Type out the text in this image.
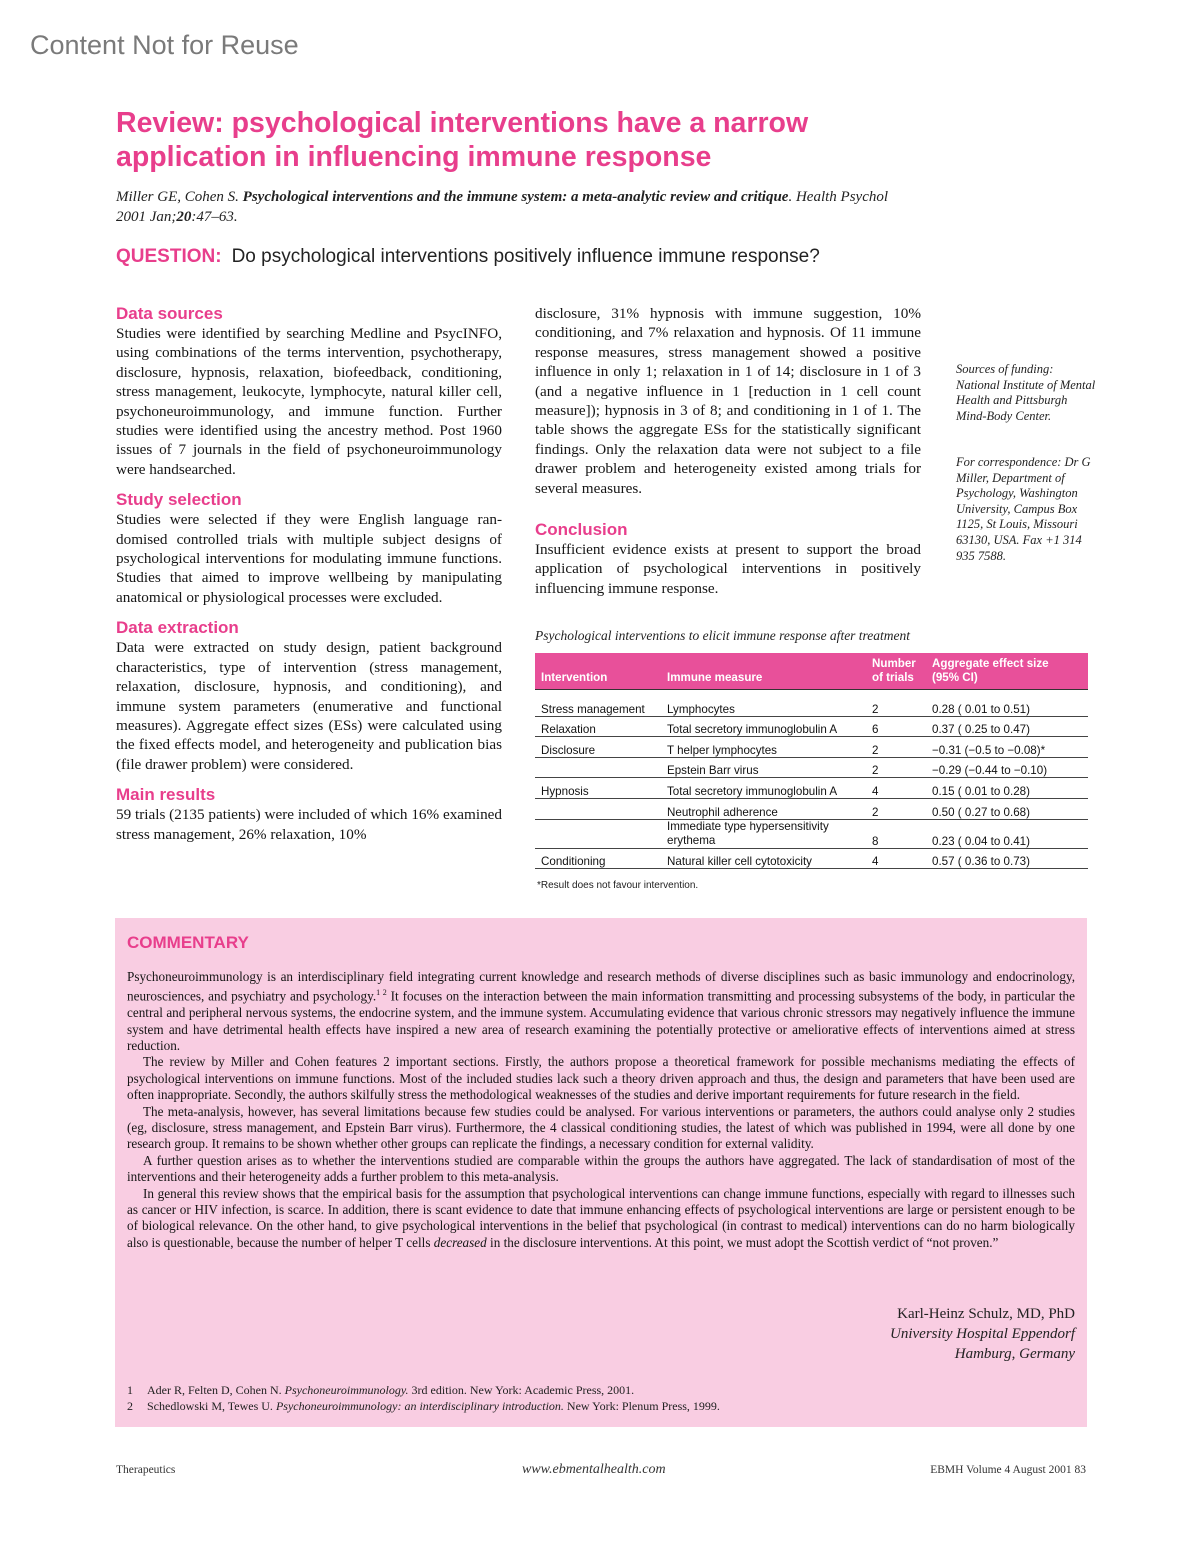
Content Not for Reuse
Review: psychological interventions have a narrow application in influencing immune response
Miller GE, Cohen S. Psychological interventions and the immune system: a meta-analytic review and critique. Health Psychol 2001 Jan;20:47–63.
QUESTION: Do psychological interventions positively influence immune response?
Data sources
Studies were identified by searching Medline and PsycINFO, using combinations of the terms intervention, psychotherapy, disclosure, hypnosis, relaxation, biofeedback, conditioning, stress management, leukocyte, lymphocyte, natural killer cell, psychoneuroimmunology, and immune function. Further studies were identified using the ancestry method. Post 1960 issues of 7 journals in the field of psychoneuroimmunology were handsearched.
Study selection
Studies were selected if they were English language randomised controlled trials with multiple subject designs of psychological interventions for modulating immune functions. Studies that aimed to improve wellbeing by manipulating anatomical or physiological processes were excluded.
Data extraction
Data were extracted on study design, patient background characteristics, type of intervention (stress management, relaxation, disclosure, hypnosis, and conditioning), and immune system parameters (enumerative and functional measures). Aggregate effect sizes (ESs) were calculated using the fixed effects model, and heterogeneity and publication bias (file drawer problem) were considered.
Main results
59 trials (2135 patients) were included of which 16% examined stress management, 26% relaxation, 10%
disclosure, 31% hypnosis with immune suggestion, 10% conditioning, and 7% relaxation and hypnosis. Of 11 immune response measures, stress management showed a positive influence in only 1; relaxation in 1 of 14; disclosure in 1 of 3 (and a negative influence in 1 [reduction in 1 cell count measure]); hypnosis in 3 of 8; and conditioning in 1 of 1. The table shows the aggregate ESs for the statistically significant findings. Only the relaxation data were not subject to a file drawer problem and heterogeneity existed among trials for several measures.
Conclusion
Insufficient evidence exists at present to support the broad application of psychological interventions in positively influencing immune response.
Sources of funding: National Institute of Mental Health and Pittsburgh Mind-Body Center.
For correspondence: Dr G Miller, Department of Psychology, Washington University, Campus Box 1125, St Louis, Missouri 63130, USA. Fax +1 314 935 7588.
Psychological interventions to elicit immune response after treatment
Intervention	Immune measure	Number
of trials	Aggregate effect size
(95% CI)
Stress management	Lymphocytes	2	0.28 ( 0.01 to 0.51)
Relaxation	Total secretory immunoglobulin A	6	0.37 ( 0.25 to 0.47)
Disclosure	T helper lymphocytes	2	−0.31 (−0.5 to −0.08)*
	Epstein Barr virus	2	−0.29 (−0.44 to −0.10)
Hypnosis	Total secretory immunoglobulin A	4	0.15 ( 0.01 to 0.28)
	Neutrophil adherence	2	0.50 ( 0.27 to 0.68)
	Immediate type hypersensitivity erythema	8	0.23 ( 0.04 to 0.41)
Conditioning	Natural killer cell cytotoxicity	4	0.57 ( 0.36 to 0.73)
*Result does not favour intervention.
COMMENTARY

Psychoneuroimmunology is an interdisciplinary field integrating current knowledge and research methods of diverse disciplines such as basic immunology and endocrinology, neurosciences, and psychiatry and psychology.$^{1 2}$ It focuses on the interaction between the main information transmitting and processing subsystems of the body, in particular the central and peripheral nervous systems, the endocrine system, and the immune system. Accumulating evidence that various chronic stressors may negatively influence the immune system and have detrimental health effects have inspired a new area of research examining the potentially protective or ameliorative effects of interventions aimed at stress reduction.

The review by Miller and Cohen features 2 important sections. Firstly, the authors propose a theoretical framework for possible mechanisms mediating the effects of psychological interventions on immune functions. Most of the included studies lack such a theory driven approach and thus, the design and parameters that have been used are often inappropriate. Secondly, the authors skilfully stress the methodological weaknesses of the studies and derive important requirements for future research in the field.

The meta-analysis, however, has several limitations because few studies could be analysed. For various interventions or parameters, the authors could analyse only 2 studies (eg, disclosure, stress management, and Epstein Barr virus). Furthermore, the 4 classical conditioning studies, the latest of which was published in 1994, were all done by one research group. It remains to be shown whether other groups can replicate the findings, a necessary condition for external validity.

A further question arises as to whether the interventions studied are comparable within the groups the authors have aggregated. The lack of standardisation of most of the interventions and their heterogeneity adds a further problem to this meta-analysis.

In general this review shows that the empirical basis for the assumption that psychological interventions can change immune functions, especially with regard to illnesses such as cancer or HIV infection, is scarce. In addition, there is scant evidence to date that immune enhancing effects of psychological interventions are large or persistent enough to be of biological relevance. On the other hand, to give psychological interventions in the belief that psychological (in contrast to medical) interventions can do no harm biologically also is questionable, because the number of helper T cells decreased in the disclosure interventions. At this point, we must adopt the Scottish verdict of “not proven.”

Karl-Heinz Schulz, MD, PhD
University Hospital Eppendorf
Hamburg, Germany
1 Ader R, Felten D, Cohen N. Psychoneuroimmunology. 3rd edition. New York: Academic Press, 2001.
2 Schedlowski M, Tewes U. Psychoneuroimmunology: an interdisciplinary introduction. New York: Plenum Press, 1999.
Therapeutics	www.ebmentalhealth.com	EBMH Volume 4 August 2001 83
